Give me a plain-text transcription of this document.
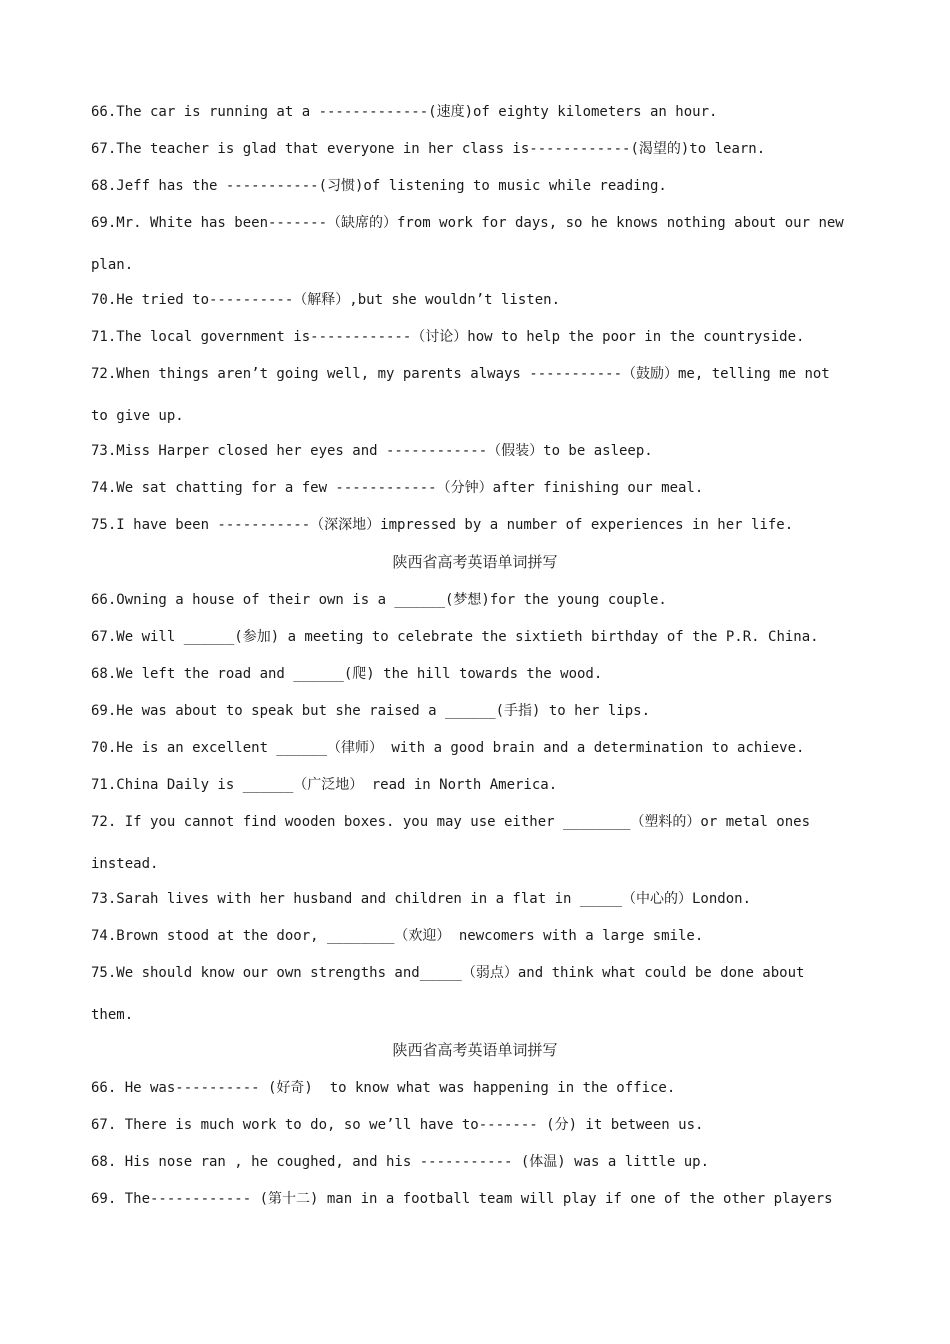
66.The car is running at a -------------(速度)of eighty kilometers an hour.
67.The teacher is glad that everyone in her class is------------(渴望的)to learn.
68.Jeff has the -----------(习惯)of listening to music while reading.
69.Mr. White has been-------（缺席的）from work for days, so he knows nothing about our new
plan.
70.He tried to----------（解释）,but she wouldn’t listen.
71.The local government is------------（讨论）how to help the poor in the countryside.
72.When things aren’t going well, my parents always -----------（鼓励）me, telling me not
to give up.
73.Miss Harper closed her eyes and ------------（假装）to be asleep.
74.We sat chatting for a few ------------（分钟）after finishing our meal.
75.I have been -----------（深深地）impressed by a number of experiences in her life.
陕西省高考英语单词拼写
66.Owning a house of their own is a ______(梦想)for the young couple.
67.We will ______(参加) a meeting to celebrate the sixtieth birthday of the P.R. China.
68.We left the road and ______(爬) the hill towards the wood.
69.He was about to speak but she raised a ______(手指) to her lips.
70.He is an excellent ______（律师） with a good brain and a determination to achieve.
71.China Daily is ______（广泛地） read in North America.
72. If you cannot find wooden boxes. you may use either ________（塑料的）or metal ones
instead.
73.Sarah lives with her husband and children in a flat in _____（中心的）London.
74.Brown stood at the door, ________（欢迎） newcomers with a large smile.
75.We should know our own strengths and_____（弱点）and think what could be done about
them.
陕西省高考英语单词拼写
66. He was---------- (好奇)  to know what was happening in the office.
67. There is much work to do, so we’ll have to------- (分) it between us.
68. His nose ran , he coughed, and his ----------- (体温) was a little up.
69. The------------ (第十二) man in a football team will play if one of the other players
